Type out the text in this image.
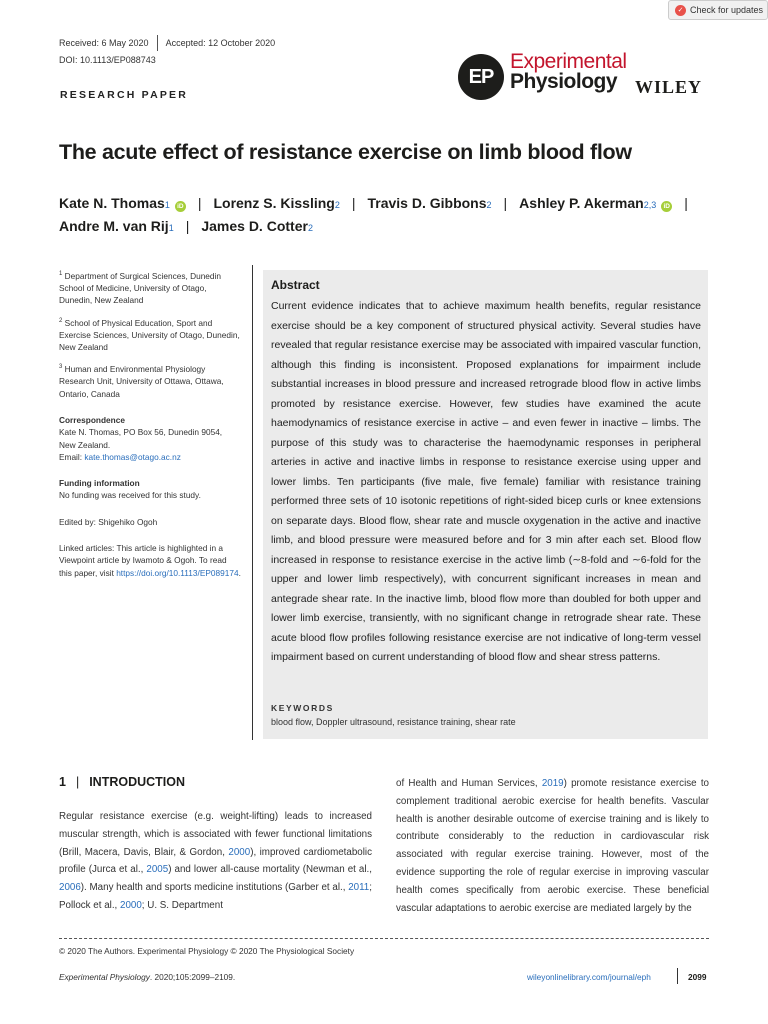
✓ Check for updates
Received: 6 May 2020 Accepted: 12 October 2020
DOI: 10.1113/EP088743
RESEARCH PAPER
EP
Experimental
Physiology WILEY
The acute effect of resistance exercise on limb blood flow
Kate N. Thomas 1	iD | Lorenz S. Kissling 2 | Travis D. Gibbons 2 | Ashley P. Akerman 2,3	iD |
Andre M. van Rij 1 | James D. Cotter 2

$^1$ Department of Surgical Sciences, Dunedin School of Medicine, University of Otago, Dunedin, New Zealand

$^2$ School of Physical Education, Sport and Exercise Sciences, University of Otago, Dunedin, New Zealand

$^3$ Human and Environmental Physiology Research Unit, University of Ottawa, Ottawa, Ontario, Canada

Correspondence
Kate N. Thomas, PO Box 56, Dunedin 9054, New Zealand.
Email: kate.thomas@otago.ac.nz

Funding information
No funding was received for this study.

Edited by: Shigehiko Ogoh

Linked articles: This article is highlighted in a Viewpoint article by Iwamoto & Ogoh. To read this paper, visit https://doi.org/10.1113/EP089174.

Abstract
Current evidence indicates that to achieve maximum health benefits, regular resistance exercise should be a key component of structured physical activity. Several studies have revealed that regular resistance exercise may be associated with impaired vascular function, although this finding is inconsistent. Proposed explanations for impairment include substantial increases in blood pressure and increased retrograde blood flow in active limbs promoted by resistance exercise. However, few studies have examined the acute haemodynamics of resistance exercise in active – and even fewer in inactive – limbs. The purpose of this study was to characterise the haemodynamic responses in peripheral arteries in active and inactive limbs in response to resistance exercise using upper and lower limbs. Ten participants (five male, five female) familiar with resistance training performed three sets of 10 isotonic repetitions of right-sided bicep curls or knee extensions on separate days. Blood flow, shear rate and muscle oxygenation in the active and inactive limb, and blood pressure were measured before and for 3 min after each set. Blood flow increased in response to resistance exercise in the active limb (∼8-fold and ∼6-fold for the upper and lower limb respectively), with concurrent significant increases in mean and antegrade shear rate. In the inactive limb, blood flow more than doubled for both upper and lower limb exercise, transiently, with no significant change in retrograde shear rate. These acute blood flow profiles following resistance exercise are not indicative of long-term vessel impairment based on current understanding of blood flow and shear stress patterns.
KEYWORDS
blood flow, Doppler ultrasound, resistance training, shear rate
1 | INTRODUCTION
Regular resistance exercise (e.g. weight-lifting) leads to increased muscular strength, which is associated with fewer functional limitations (Brill, Macera, Davis, Blair, & Gordon, 2000), improved cardiometabolic profile (Jurca et al., 2005) and lower all-cause mortality (Newman et al., 2006). Many health and sports medicine institutions (Garber et al., 2011; Pollock et al., 2000; U. S. Department
of Health and Human Services, 2019) promote resistance exercise to complement traditional aerobic exercise for health benefits. Vascular health is another desirable outcome of exercise training and is likely to contribute considerably to the reduction in cardiovascular risk associated with regular exercise training. However, most of the evidence supporting the role of regular exercise in improving vascular health comes specifically from aerobic exercise. These beneficial vascular adaptations to aerobic exercise are mediated largely by the
© 2020 The Authors. Experimental Physiology © 2020 The Physiological Society
Experimental Physiology. 2020;105:2099–2109.	wileyonlinelibrary.com/journal/eph	2099
